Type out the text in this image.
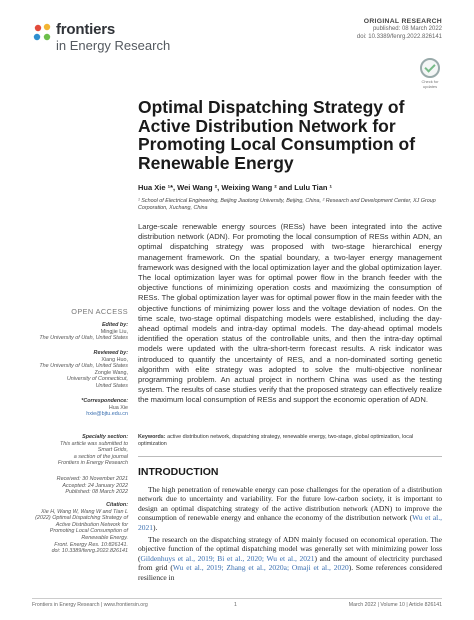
frontiers
in Energy Research
ORIGINAL RESEARCH
published: 08 March 2022
doi: 10.3389/fenrg.2022.826141
Check for updates
Optimal Dispatching Strategy of Active Distribution Network for Promoting Local Consumption of Renewable Energy
Hua Xie ¹*, Wei Wang ², Weixing Wang ² and Lulu Tian ¹
¹ School of Electrical Engineering, Beijing Jiaotong University, Beijing, China, ² Research and Development Center, XJ Group Corporation, Xuchang, China
Large-scale renewable energy sources (RESs) have been integrated into the active distribution network (ADN). For promoting the local consumption of RESs within ADN, an optimal dispatching strategy was proposed with two-stage hierarchical energy management framework. On the spatial boundary, a two-layer energy management framework was designed with the local optimization layer and the global optimization layer. The local optimization layer was for optimal power flow in the branch feeder with the objective functions of minimizing operation costs and maximizing the consumption of RESs. The global optimization layer was for optimal power flow in the main feeder with the objective functions of minimizing power loss and the voltage deviation of nodes. On the time scale, two-stage optimal dispatching models were established, including the day-ahead optimal models and intra-day optimal models. The day-ahead optimal models identified the operation status of the controllable units, and then the intra-day optimal models were updated with the ultra-short-term forecast results. A risk indicator was introduced to quantify the uncertainty of RES, and a non-dominated sorting genetic algorithm with elite strategy was adopted to solve the multi-objective nonlinear programming problem. An actual project in northern China was used as the testing system. The results of case studies verify that the proposed strategy can effectively realize the maximum local consumption of RESs and support the economic operation of ADN.
Keywords: active distribution network, dispatching strategy, renewable energy, two-stage, global optimization, local optimization
INTRODUCTION

The high penetration of renewable energy can pose challenges for the operation of a distribution network due to uncertainty and variability. For the future low-carbon society, it is important to design an optimal dispatching strategy of the active distribution network (ADN) to improve the consumption of renewable energy and enhance the economy of the distribution network (Wu et al., 2021).

The research on the dispatching strategy of ADN mainly focused on economical operation. The objective function of the optimal dispatching model was generally set with minimizing power loss (Gildenhuys et al., 2019; Bi et al., 2020; Wu et al., 2021) and the amount of electricity purchased from grid (Wu et al., 2019; Zhang et al., 2020a; Omaji et al., 2020). Some references considered resilience in

OPEN ACCESS
Edited by:
Mingjie Liu,
The University of Utah, United States
Reviewed by:
Xiang Huo,
The University of Utah, United States
Zongle Wang,
University of Connecticut,
United States
*Correspondence:
Hua Xie
hxie@bjtu.edu.cn
Specialty section:
This article was submitted to
Smart Grids,
a section of the journal
Frontiers in Energy Research
Received: 30 November 2021
Accepted: 24 January 2022
Published: 08 March 2022
Citation:
Xie H, Wang W, Wang W and Tian L
(2022) Optimal Dispatching Strategy of
Active Distribution Network for
Promoting Local Consumption of
Renewable Energy.
Front. Energy Res. 10:826141.
doi: 10.3389/fenrg.2022.826141
Frontiers in Energy Research | www.frontiersin.org	1	March 2022 | Volume 10 | Article 826141
